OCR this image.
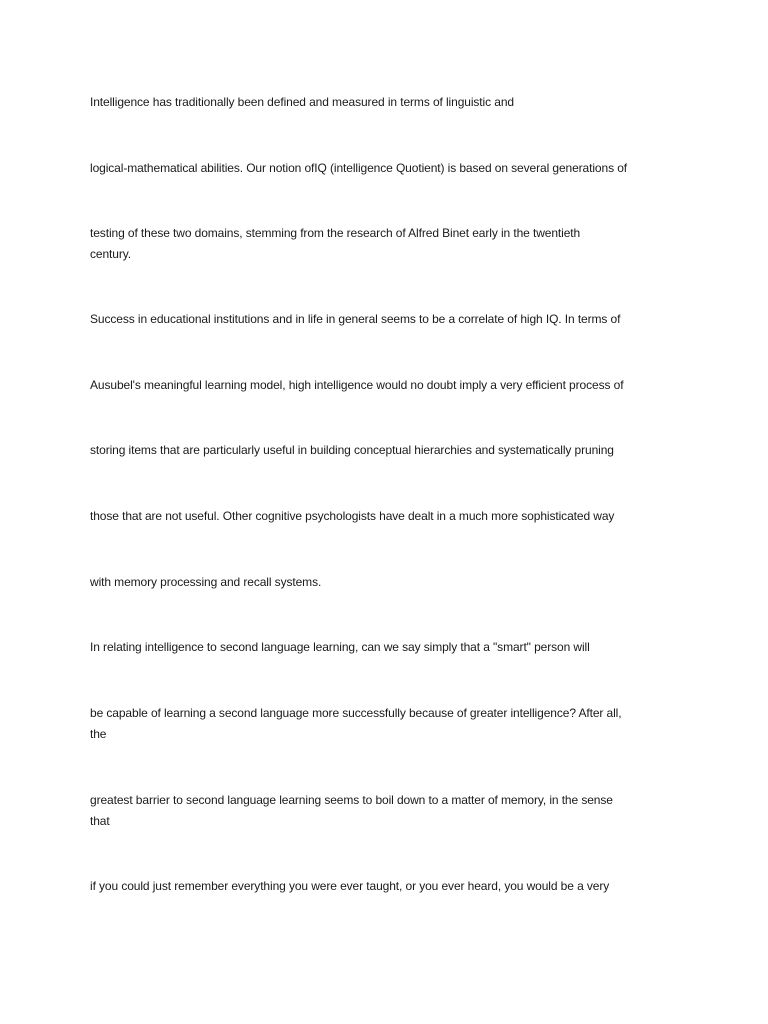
Intelligence has traditionally been defined and measured in terms of linguistic and

logical-mathematical abilities. Our notion ofIQ (intelligence Quotient) is based on several generations of

testing of these two domains, stemming from the research of Alfred Binet early in the twentieth
century.

Success in educational institutions and in life in general seems to be a correlate of high IQ. In terms of

Ausubel's meaningful learning model, high intelligence would no doubt imply a very efficient process of

storing items that are particularly useful in building conceptual hierarchies and systematically pruning

those that are not useful. Other cognitive psychologists have dealt in a much more sophisticated way

with memory processing and recall systems.

In relating intelligence to second language learning, can we say simply that a "smart" person will

be capable of learning a second language more successfully because of greater intelligence? After all,
the

greatest barrier to second language learning seems to boil down to a matter of memory, in the sense
that

if you could just remember everything you were ever taught, or you ever heard, you would be a very
